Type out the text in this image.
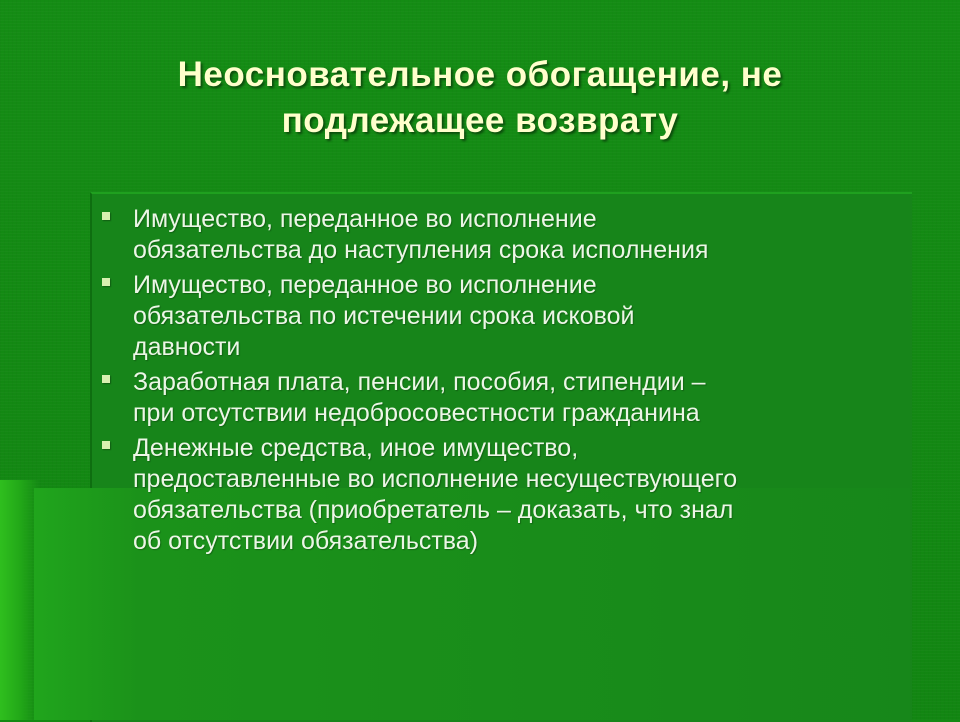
Неосновательное обогащение, не
подлежащее возврату
Имущество, переданное во исполнение
обязательства до наступления срока исполнения
Имущество, переданное во исполнение
обязательства по истечении срока исковой
давности
Заработная плата, пенсии, пособия, стипендии –
при отсутствии недобросовестности гражданина
Денежные средства, иное имущество,
предоставленные во исполнение несуществующего
обязательства (приобретатель – доказать, что знал
об отсутствии обязательства)
